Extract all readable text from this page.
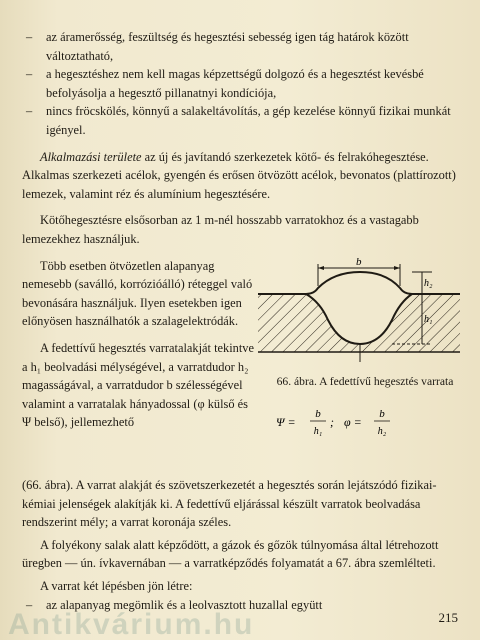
– az áramerősség, feszültség és hegesztési sebesség igen tág határok között változtatható,

– a hegesztéshez nem kell magas képzettségű dolgozó és a hegesztést kevésbé befolyásolja a hegesztő pillanatnyi kondíciója,

– nincs fröcskölés, könnyű a salakeltávolítás, a gép kezelése könnyű fizikai munkát igényel.

Alkalmazási területe az új és javítandó szerkezetek kötő- és felrakóhegesztése. Alkalmas szerkezeti acélok, gyengén és erősen ötvözött acélok, bevonatos (plattírozott) lemezek, valamint réz és alumínium hegesztésére.

Kötőhegesztésre elsősorban az 1 m-nél hosszabb varratokhoz és a vastagabb lemezekhez használjuk.

Több esetben ötvözetlen alapanyag nemesebb (saválló, korrózióálló) réteggel való bevonására használjuk. Ilyen esetekben igen előnyösen használhatók a szalagelektródák.

A fedettívű hegesztés varratalakját tekintve a h₁ beolvadási mélységével, a varratdudor h₂ magasságával, a varratdudor b szélességével valamint a varratalak hányadossal (φ külső és Ψ belső), jellemezhető

b
h₂
h₁
66. ábra. A fedettívű hegesztés varrata
Ψ =
b
h₁
; φ =
b
h₂

(66. ábra). A varrat alakját és szövetszerkezetét a hegesztés során lejátszódó fizikai-kémiai jelenségek alakítják ki. A fedettívű eljárással készült varratok beolvadása rendszerint mély; a varrat koronája széles.

A folyékony salak alatt képződött, a gázok és gőzök túlnyomása által létrehozott üregben — ún. ívkavernában — a varratképződés folyamatát a 67. ábra szemlélteti.

A varrat két lépésben jön létre:

– az alapanyag megömlik és a leolvasztott huzallal együtt

Antikvárium.hu	215
